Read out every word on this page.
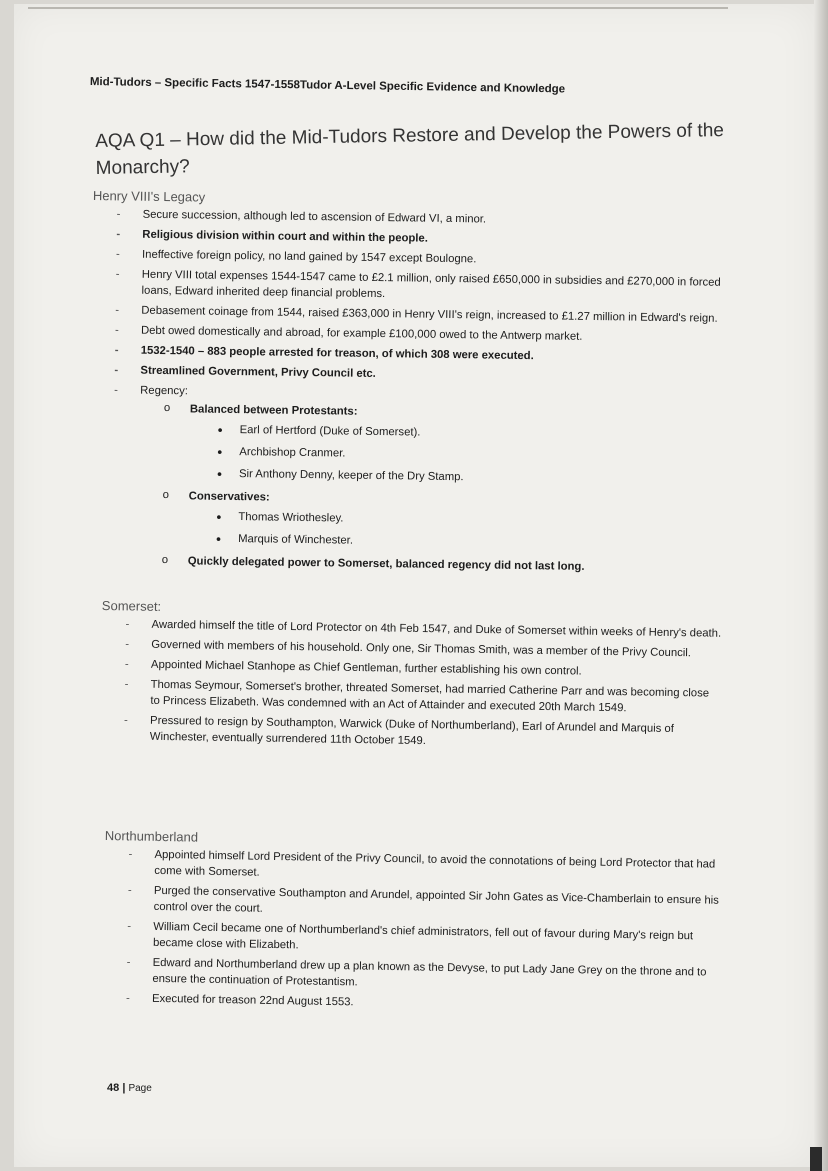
Mid-Tudors – Specific Facts 1547-1558Tudor A-Level Specific Evidence and Knowledge
AQA Q1 – How did the Mid-Tudors Restore and Develop the Powers of the Monarchy?
Henry VIII's Legacy
- Secure succession, although led to ascension of Edward VI, a minor.
- Religious division within court and within the people.
- Ineffective foreign policy, no land gained by 1547 except Boulogne.
- Henry VIII total expenses 1544-1547 came to £2.1 million, only raised £650,000 in subsidies and £270,000 in forced loans, Edward inherited deep financial problems.
- Debasement coinage from 1544, raised £363,000 in Henry VIII's reign, increased to £1.27 million in Edward's reign.
- Debt owed domestically and abroad, for example £100,000 owed to the Antwerp market.
- 1532-1540 – 883 people arrested for treason, of which 308 were executed.
- Streamlined Government, Privy Council etc.
- Regency:
o Balanced between Protestants:
• Earl of Hertford (Duke of Somerset).
• Archbishop Cranmer.
• Sir Anthony Denny, keeper of the Dry Stamp.
o Conservatives:
• Thomas Wriothesley.
• Marquis of Winchester.
o Quickly delegated power to Somerset, balanced regency did not last long.
Somerset:
- Awarded himself the title of Lord Protector on 4th Feb 1547, and Duke of Somerset within weeks of Henry's death.
- Governed with members of his household. Only one, Sir Thomas Smith, was a member of the Privy Council.
- Appointed Michael Stanhope as Chief Gentleman, further establishing his own control.
- Thomas Seymour, Somerset's brother, threated Somerset, had married Catherine Parr and was becoming close to Princess Elizabeth. Was condemned with an Act of Attainder and executed 20th March 1549.
- Pressured to resign by Southampton, Warwick (Duke of Northumberland), Earl of Arundel and Marquis of Winchester, eventually surrendered 11th October 1549.
Northumberland
- Appointed himself Lord President of the Privy Council, to avoid the connotations of being Lord Protector that had come with Somerset.
- Purged the conservative Southampton and Arundel, appointed Sir John Gates as Vice-Chamberlain to ensure his control over the court.
- William Cecil became one of Northumberland's chief administrators, fell out of favour during Mary's reign but became close with Elizabeth.
- Edward and Northumberland drew up a plan known as the Devyse, to put Lady Jane Grey on the throne and to ensure the continuation of Protestantism.
- Executed for treason 22nd August 1553.
48 | Page
